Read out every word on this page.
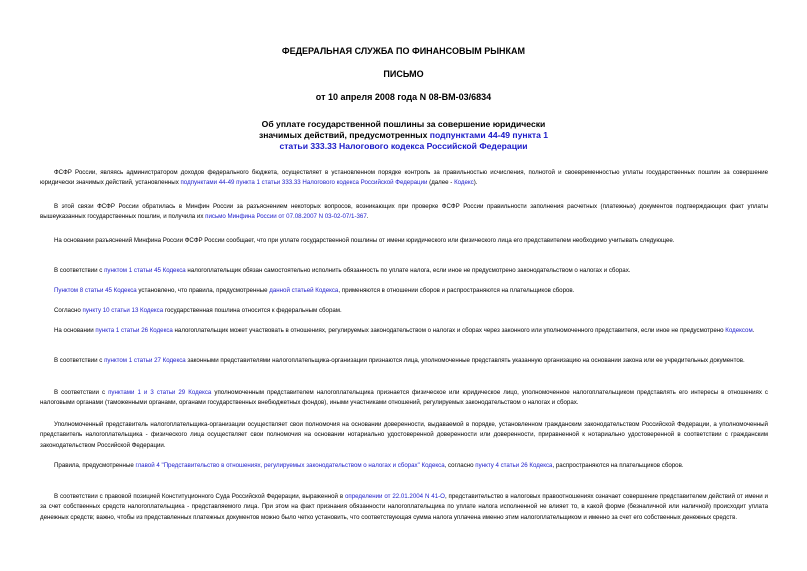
ФЕДЕРАЛЬНАЯ СЛУЖБА ПО ФИНАНСОВЫМ РЫНКАМ
ПИСЬМО
от 10 апреля 2008 года N 08-ВМ-03/6834
Об уплате государственной пошлины за совершение юридически
значимых действий, предусмотренных подпунктами 44-49 пункта 1
статьи 333.33 Налогового кодекса Российской Федерации
ФСФР России, являясь администратором доходов федерального бюджета, осуществляет в установленном порядке контроль за правильностью исчисления, полнотой и своевременностью уплаты государственных пошлин за совершение юридически значимых действий, установленных подпунктами 44-49 пункта 1 статьи 333.33 Налогового кодекса Российской Федерации (далее - Кодекс).
В этой связи ФСФР России обратилась в Минфин России за разъяснением некоторых вопросов, возникающих при проверке ФСФР России правильности заполнения расчетных (платежных) документов подтверждающих факт уплаты вышеуказанных государственных пошлин, и получила их письмо Минфина России от 07.08.2007 N 03-02-07/1-367.
На основании разъяснений Минфина России ФСФР России сообщает, что при уплате государственной пошлины от имени юридического или физического лица его представителем необходимо учитывать следующее.
В соответствии с пунктом 1 статьи 45 Кодекса налогоплательщик обязан самостоятельно исполнить обязанность по уплате налога, если иное не предусмотрено законодательством о налогах и сборах.
Пунктом 8 статьи 45 Кодекса установлено, что правила, предусмотренные данной статьей Кодекса, применяются в отношении сборов и распространяются на плательщиков сборов.
Согласно пункту 10 статьи 13 Кодекса государственная пошлина относится к федеральным сборам.
На основании пункта 1 статьи 26 Кодекса налогоплательщик может участвовать в отношениях, регулируемых законодательством о налогах и сборах через законного или уполномоченного представителя, если иное не предусмотрено Кодексом.
В соответствии с пунктом 1 статьи 27 Кодекса законными представителями налогоплательщика-организации признаются лица, уполномоченные представлять указанную организацию на основании закона или ее учредительных документов.
В соответствии с пунктами 1 и 3 статьи 29 Кодекса уполномоченным представителем налогоплательщика признается физическое или юридическое лицо, уполномоченное налогоплательщиком представлять его интересы в отношениях с налоговыми органами (таможенными органами, органами государственных внебюджетных фондов), иными участниками отношений, регулируемых законодательством о налогах и сборах.
Уполномоченный представитель налогоплательщика-организации осуществляет свои полномочия на основании доверенности, выдаваемой в порядке, установленном гражданским законодательством Российской Федерации, а уполномоченный представитель налогоплательщика - физического лица осуществляет свои полномочия на основании нотариально удостоверенной доверенности или доверенности, приравненной к нотариально удостоверенной в соответствии с гражданским законодательством Российской Федерации.
Правила, предусмотренные главой 4 "Представительство в отношениях, регулируемых законодательством о налогах и сборах" Кодекса, согласно пункту 4 статьи 26 Кодекса, распространяются на плательщиков сборов.
В соответствии с правовой позицией Конституционного Суда Российской Федерации, выраженной в определении от 22.01.2004 N 41-О, представительство в налоговых правоотношениях означает совершение представителем действий от имени и за счет собственных средств налогоплательщика - представляемого лица. При этом на факт признания обязанности налогоплательщика по уплате налога исполненной не влияет то, в какой форме (безналичной или наличной) происходит уплата денежных средств; важно, чтобы из представленных платежных документов можно было четко установить, что соответствующая сумма налога уплачена именно этим налогоплательщиком и именно за счет его собственных денежных средств.
